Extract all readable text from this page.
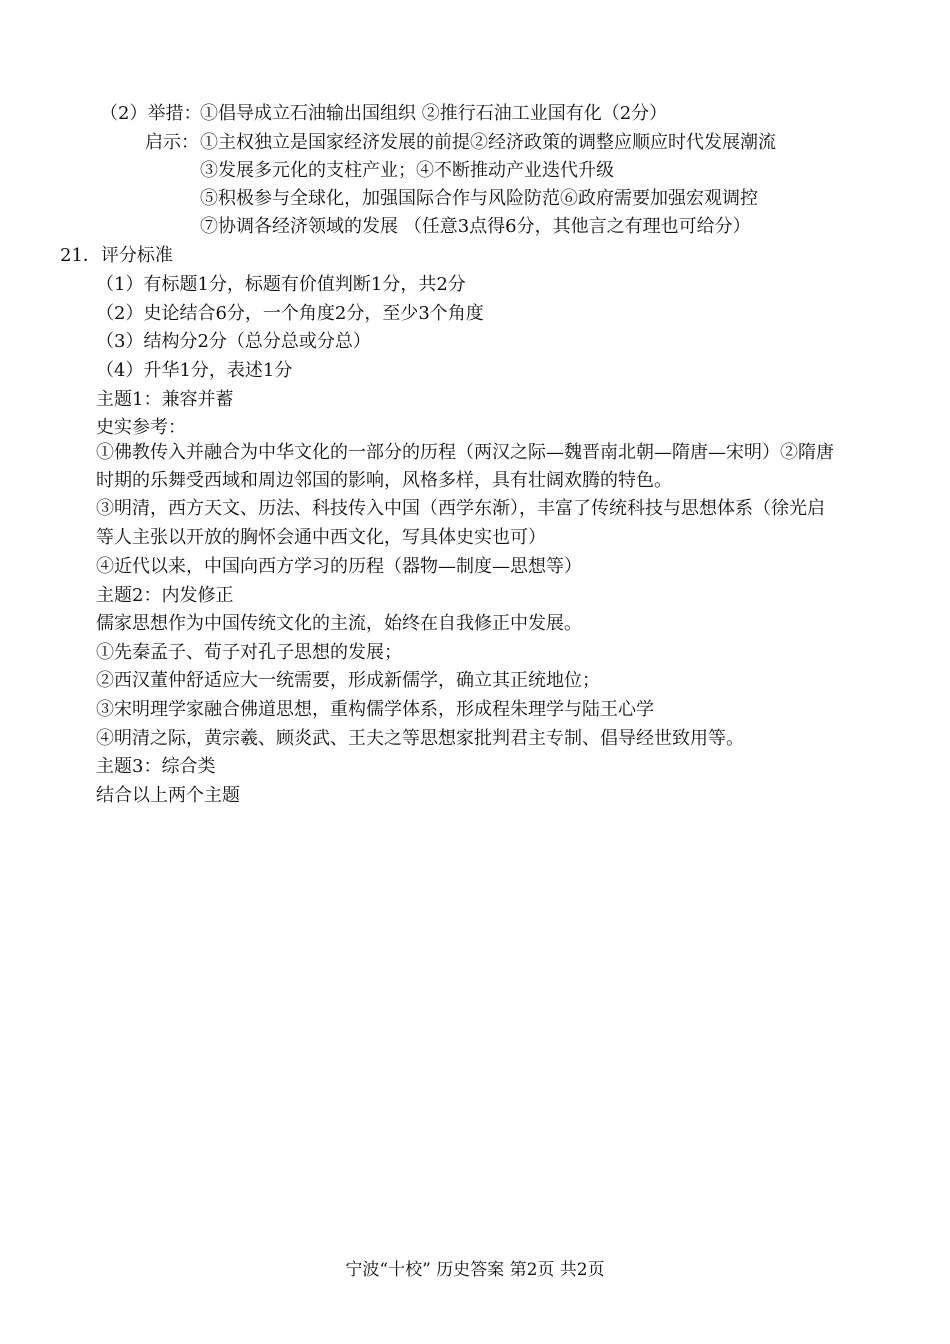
（2）举措：
①倡导成立石油输出国组织 ②推行石油工业国有化（2分）
启示： ①主权独立是国家经济发展的前提②经济政策的调整应顺应时代发展潮流
③发展多元化的支柱产业；④不断推动产业迭代升级
⑤积极参与全球化，加强国际合作与风险防范⑥政府需要加强宏观调控
⑦协调各经济领域的发展 （任意3点得6分，其他言之有理也可给分）
21．评分标准
（1）有标题1分，标题有价值判断1分，共2分
（2）史论结合6分，一个角度2分，至少3个角度
（3）结构分2分（总分总或分总）
（4）升华1分，表述1分
主题1：兼容并蓄
史实参考：
①佛教传入并融合为中华文化的一部分的历程（两汉之际—魏晋南北朝—隋唐—宋明）②隋唐
时期的乐舞受西域和周边邻国的影响，风格多样，具有壮阔欢腾的特色。
③明清，西方天文、历法、科技传入中国（西学东渐），丰富了传统科技与思想体系（徐光启
等人主张以开放的胸怀会通中西文化，写具体史实也可）
④近代以来，中国向西方学习的历程（器物—制度—思想等）
主题2：内发修正
儒家思想作为中国传统文化的主流，始终在自我修正中发展。
①先秦孟子、荀子对孔子思想的发展；
②西汉董仲舒适应大一统需要，形成新儒学，确立其正统地位；
③宋明理学家融合佛道思想，重构儒学体系，形成程朱理学与陆王心学
④明清之际，黄宗羲、顾炎武、王夫之等思想家批判君主专制、倡导经世致用等。
主题3：综合类
结合以上两个主题
宁波“十校” 历史答案 第2页 共2页
